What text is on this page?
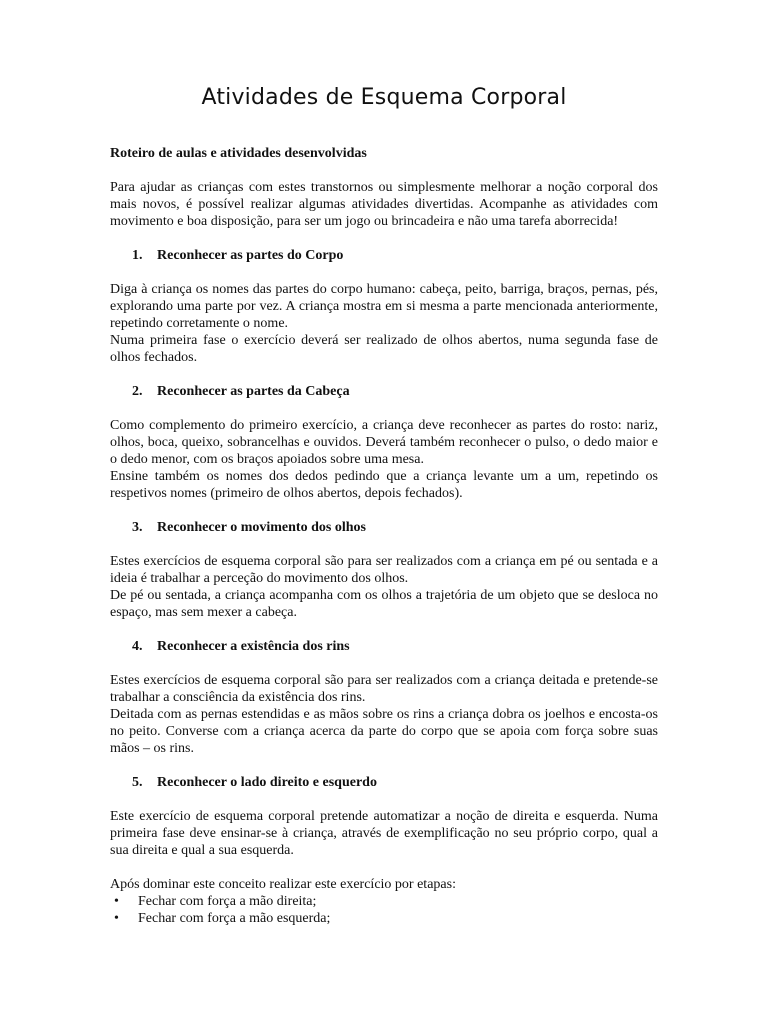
Atividades de Esquema Corporal
Roteiro de aulas e atividades desenvolvidas

Para ajudar as crianças com estes transtornos ou simplesmente melhorar a noção corporal dos mais novos, é possível realizar algumas atividades divertidas. Acompanhe as atividades com movimento e boa disposição, para ser um jogo ou brincadeira e não uma tarefa aborrecida!

1.	Reconhecer as partes do Corpo

Diga à criança os nomes das partes do corpo humano: cabeça, peito, barriga, braços, pernas, pés, explorando uma parte por vez. A criança mostra em si mesma a parte mencionada anteriormente, repetindo corretamente o nome.

Numa primeira fase o exercício deverá ser realizado de olhos abertos, numa segunda fase de olhos fechados.

2.	Reconhecer as partes da Cabeça

Como complemento do primeiro exercício, a criança deve reconhecer as partes do rosto: nariz, olhos, boca, queixo, sobrancelhas e ouvidos. Deverá também reconhecer o pulso, o dedo maior e o dedo menor, com os braços apoiados sobre uma mesa.

Ensine também os nomes dos dedos pedindo que a criança levante um a um, repetindo os respetivos nomes (primeiro de olhos abertos, depois fechados).

3.	Reconhecer o movimento dos olhos

Estes exercícios de esquema corporal são para ser realizados com a criança em pé ou sentada e a ideia é trabalhar a perceção do movimento dos olhos.

De pé ou sentada, a criança acompanha com os olhos a trajetória de um objeto que se desloca no espaço, mas sem mexer a cabeça.

4.	Reconhecer a existência dos rins

Estes exercícios de esquema corporal são para ser realizados com a criança deitada e pretende-se trabalhar a consciência da existência dos rins.

Deitada com as pernas estendidas e as mãos sobre os rins a criança dobra os joelhos e encosta-os no peito. Converse com a criança acerca da parte do corpo que se apoia com força sobre suas mãos – os rins.

5.	Reconhecer o lado direito e esquerdo

Este exercício de esquema corporal pretende automatizar a noção de direita e esquerda. Numa primeira fase deve ensinar-se à criança, através de exemplificação no seu próprio corpo, qual a sua direita e qual a sua esquerda.

Após dominar este conceito realizar este exercício por etapas:

•	Fechar com força a mão direita;
•	Fechar com força a mão esquerda;
